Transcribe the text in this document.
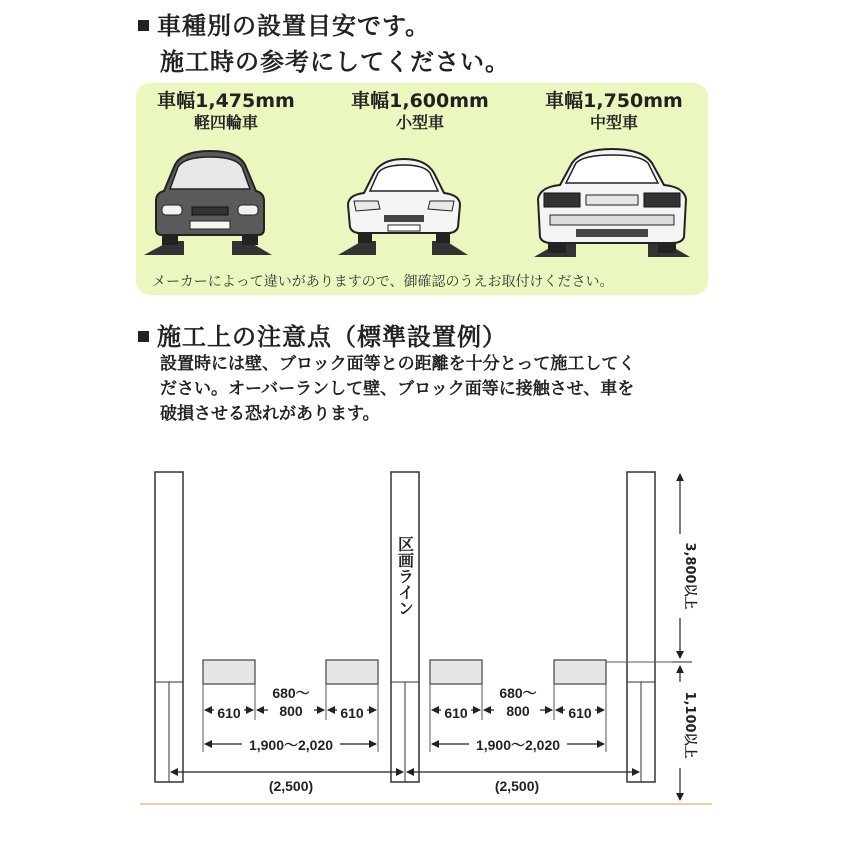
車種別の設置目安です。
施工時の参考にしてください。
車幅1,475mm
軽四輪車
車幅1,600mm
小型車
車幅1,750mm
中型車
メーカーによって違いがありますので、御確認のうえお取付けください。
施工上の注意点（標準設置例）
設置時には壁、ブロック面等との距離を十分とって施工してく
ださい。オーバーランして壁、ブロック面等に接触させ、車を
破損させる恐れがあります。
区画ライン
610	610	610	610
680〜
800
680〜
800
1,900〜2,020	1,900〜2,020
(2,500)	(2,500)
3,800以上
1,100以上
